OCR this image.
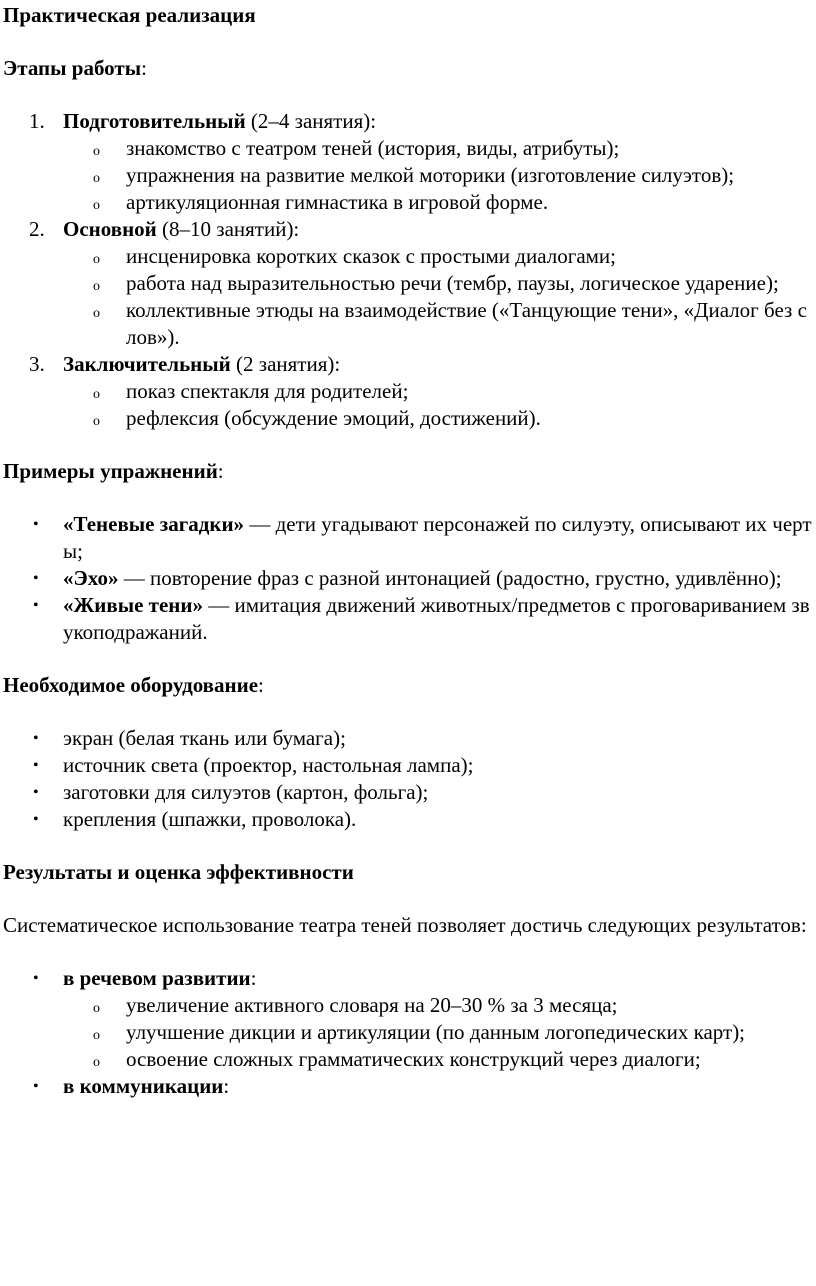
Практическая реализация

Этапы работы:

1. Подготовительный (2–4 занятия):
o знакомство с театром теней (история, виды, атрибуты);
o упражнения на развитие мелкой моторики (изготовление силуэтов);
o артикуляционная гимнастика в игровой форме.
2. Основной (8–10 занятий):
o инсценировка коротких сказок с простыми диалогами;
o работа над выразительностью речи (тембр, паузы, логическое ударение);
o коллективные этюды на взаимодействие («Танцующие тени», «Диалог без слов»).
3. Заключительный (2 занятия):
o показ спектакля для родителей;
o рефлексия (обсуждение эмоций, достижений).

Примеры упражнений:

• «Теневые загадки» — дети угадывают персонажей по силуэту, описывают их черты;
• «Эхо» — повторение фраз с разной интонацией (радостно, грустно, удивлённо);
• «Живые тени» — имитация движений животных/предметов с проговариванием звукоподражаний.

Необходимое оборудование:

• экран (белая ткань или бумага);
• источник света (проектор, настольная лампа);
• заготовки для силуэтов (картон, фольга);
• крепления (шпажки, проволока).

Результаты и оценка эффективности

Систематическое использование театра теней позволяет достичь следующих результатов:

• в речевом развитии:
o увеличение активного словаря на 20–30 % за 3 месяца;
o улучшение дикции и артикуляции (по данным логопедических карт);
o освоение сложных грамматических конструкций через диалоги;
• в коммуникации:
